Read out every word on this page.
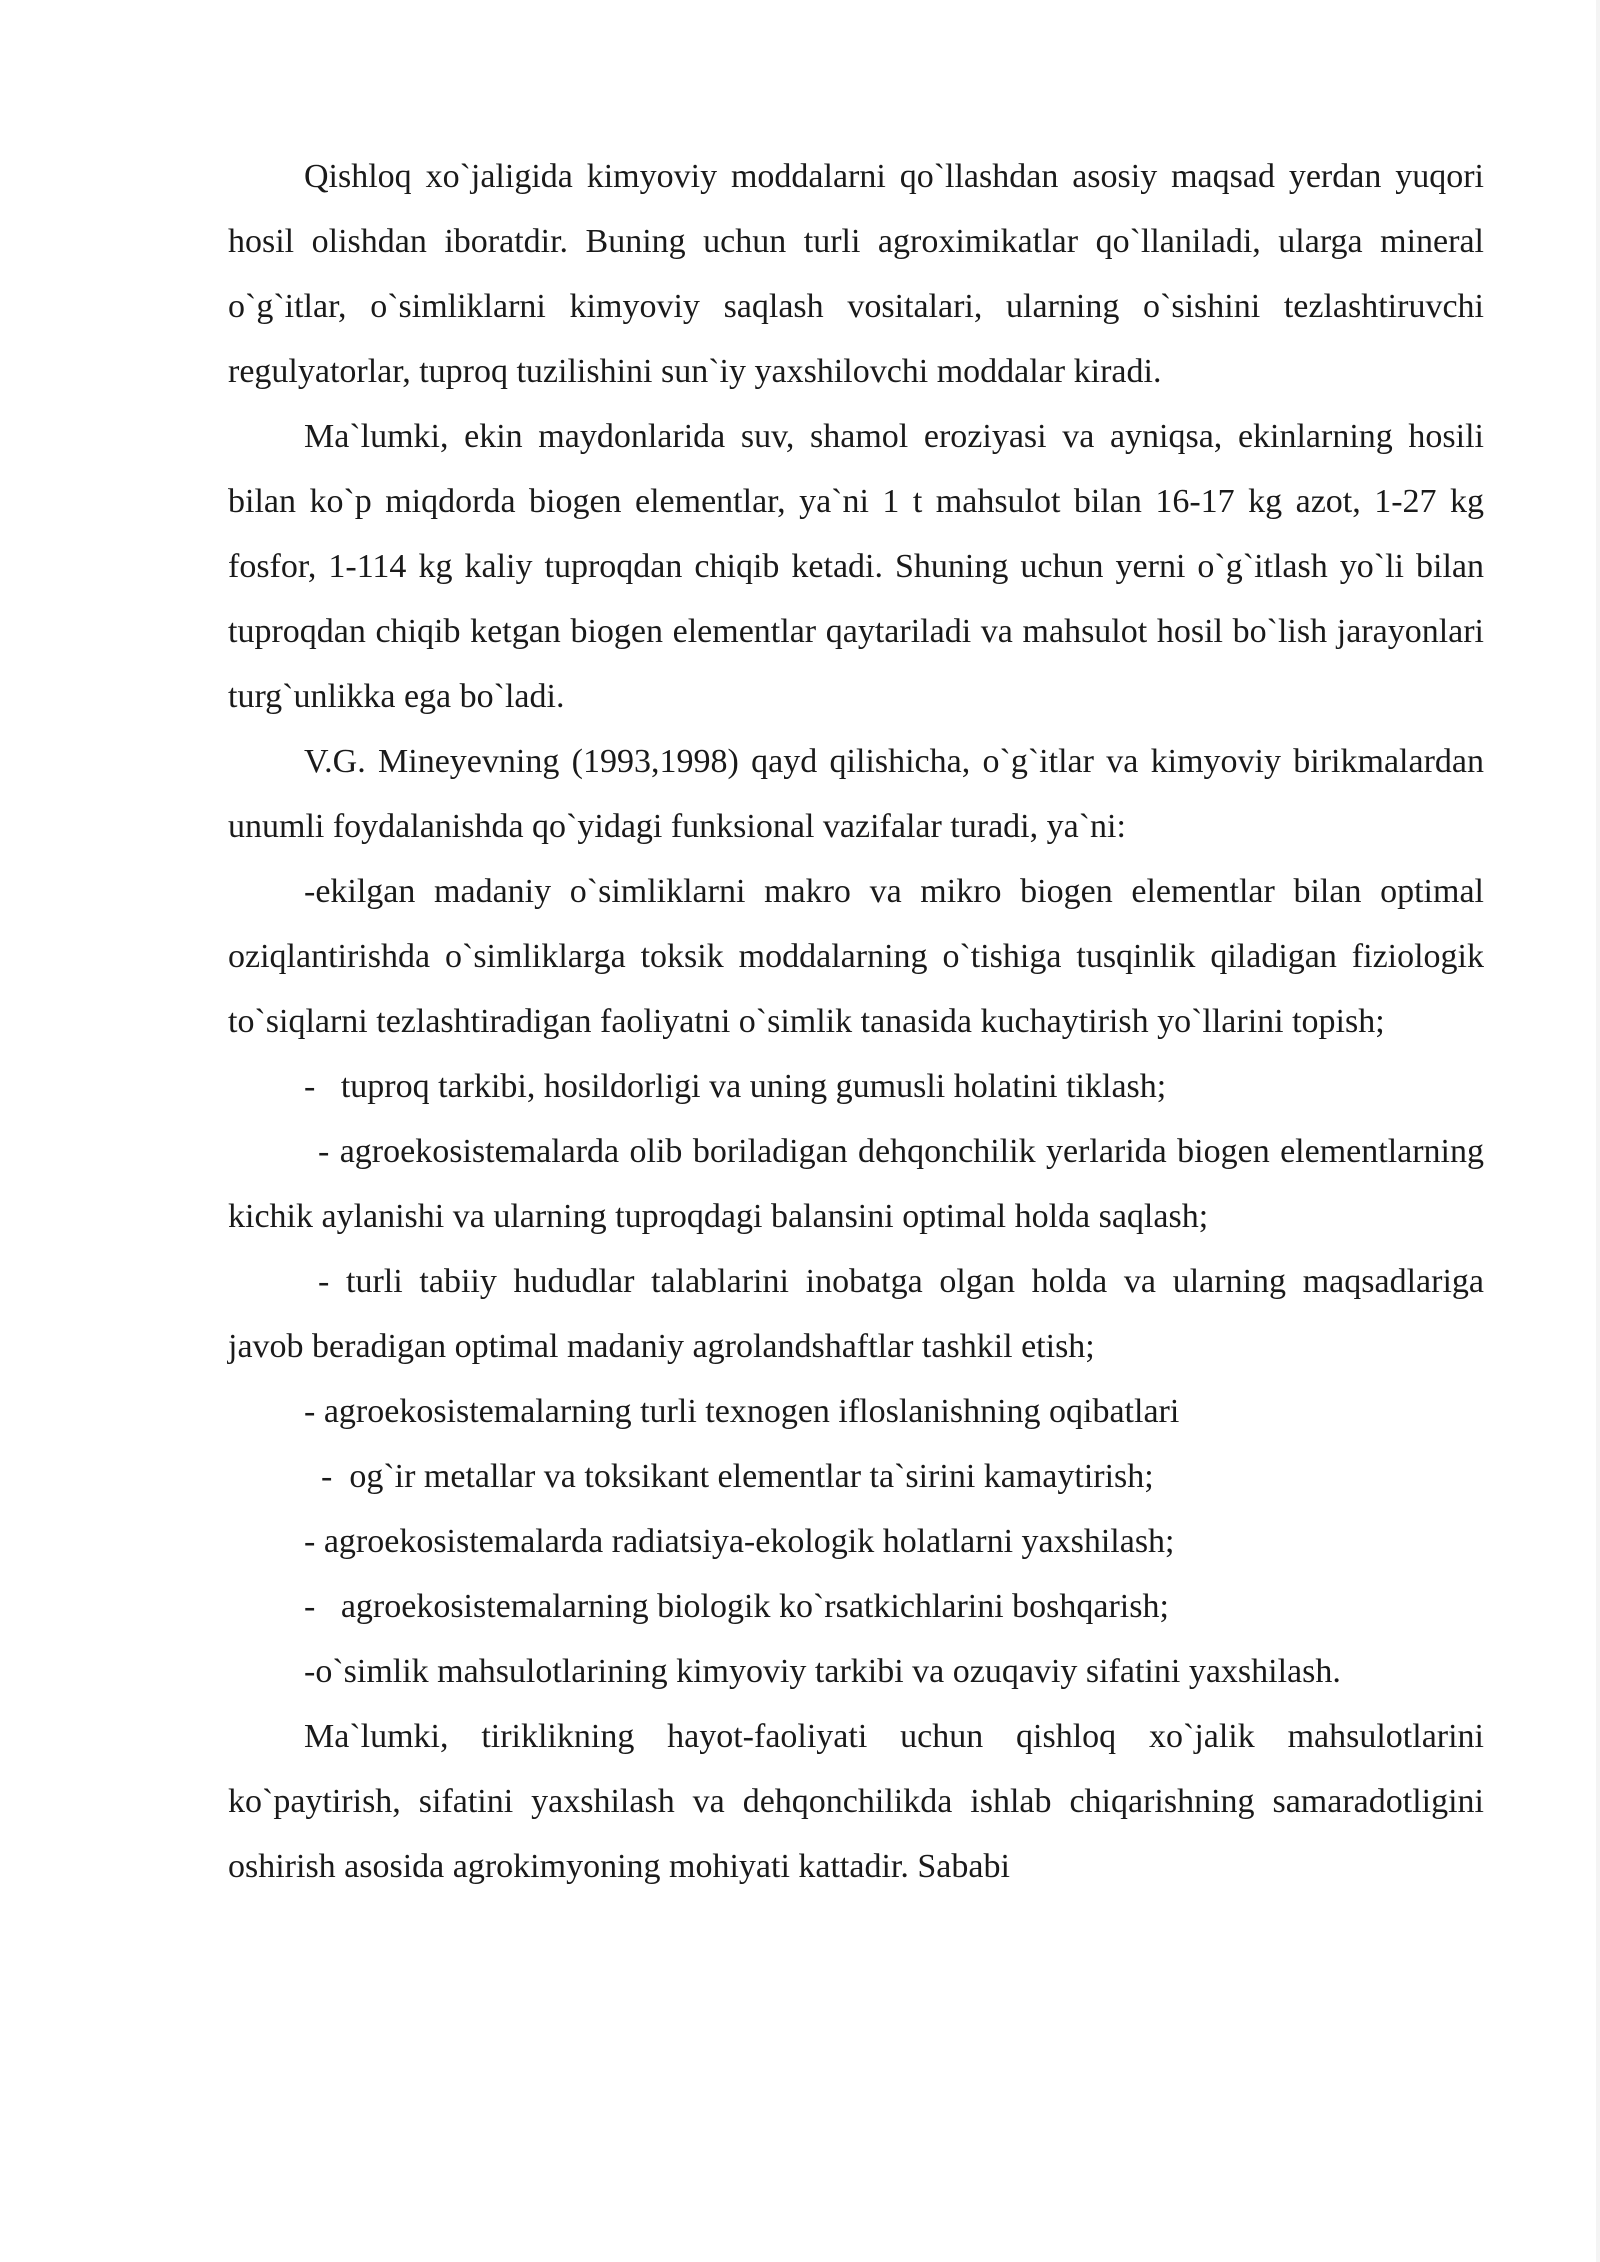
Qishloq xo`jaligida kimyoviy moddalarni qo`llashdan asosiy maqsad yerdan yuqori hosil olishdan iboratdir. Buning uchun turli agroximikatlar qo`llaniladi, ularga mineral o`g`itlar, o`simliklarni kimyoviy saqlash vositalari, ularning o`sishini tezlashtiruvchi regulyatorlar, tuproq tuzilishini sun`iy yaxshilovchi moddalar kiradi.

Ma`lumki, ekin maydonlarida suv, shamol eroziyasi va ayniqsa, ekinlarning hosili bilan ko`p miqdorda biogen elementlar, ya`ni 1 t mahsulot bilan 16-17 kg azot, 1-27 kg fosfor, 1-114 kg kaliy tuproqdan chiqib ketadi. Shuning uchun yerni o`g`itlash yo`li bilan tuproqdan chiqib ketgan biogen elementlar qaytariladi va mahsulot hosil bo`lish jarayonlari turg`unlikka ega bo`ladi.

V.G. Mineyevning (1993,1998) qayd qilishicha, o`g`itlar va kimyoviy birikmalardan unumli foydalanishda qo`yidagi funksional vazifalar turadi, ya`ni:

-ekilgan madaniy o`simliklarni makro va mikro biogen elementlar bilan optimal oziqlantirishda o`simliklarga toksik moddalarning o`tishiga tusqinlik qiladigan fiziologik to`siqlarni tezlashtiradigan faoliyatni o`simlik tanasida kuchaytirish yo`llarini topish;

-   tuproq tarkibi, hosildorligi va uning gumusli holatini tiklash;

- agroekosistemalarda olib boriladigan dehqonchilik yerlarida biogen elementlarning kichik aylanishi va ularning tuproqdagi balansini optimal holda saqlash;

- turli tabiiy hududlar talablarini inobatga olgan holda va ularning maqsadlariga javob beradigan optimal madaniy agrolandshaftlar tashkil etish;

- agroekosistemalarning turli texnogen ifloslanishning oqibatlari

-  og`ir metallar va toksikant elementlar ta`sirini kamaytirish;

- agroekosistemalarda radiatsiya-ekologik holatlarni yaxshilash;

-   agroekosistemalarning biologik ko`rsatkichlarini boshqarish;

-o`simlik mahsulotlarining kimyoviy tarkibi va ozuqaviy sifatini yaxshilash.

Ma`lumki, tiriklikning hayot-faoliyati uchun qishloq xo`jalik mahsulotlarini ko`paytirish, sifatini yaxshilash va dehqonchilikda ishlab chiqarishning samaradotligini oshirish asosida agrokimyoning mohiyati kattadir. Sababi
